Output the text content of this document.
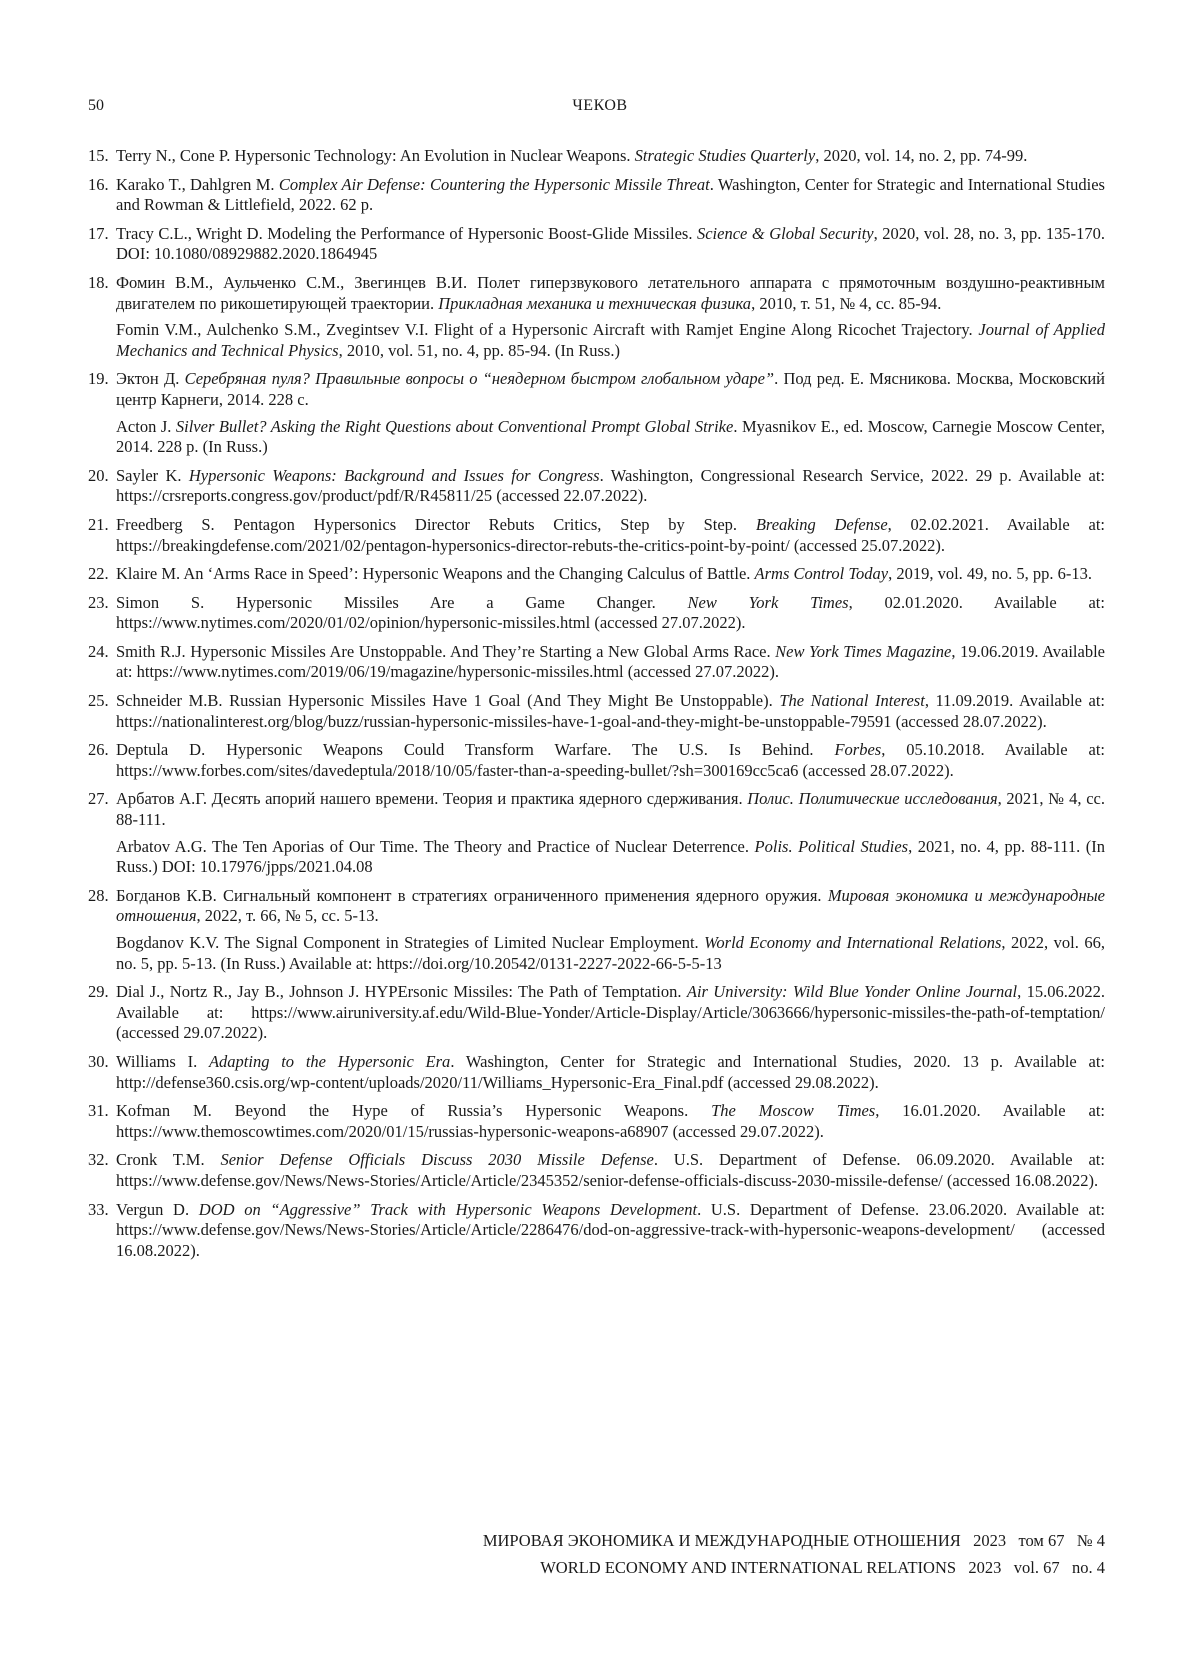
50	ЧЕКОВ
15. Terry N., Cone P. Hypersonic Technology: An Evolution in Nuclear Weapons. Strategic Studies Quarterly, 2020, vol. 14, no. 2, pp. 74-99.
16. Karako T., Dahlgren M. Complex Air Defense: Countering the Hypersonic Missile Threat. Washington, Center for Strategic and International Studies and Rowman & Littlefield, 2022. 62 p.
17. Tracy C.L., Wright D. Modeling the Performance of Hypersonic Boost-Glide Missiles. Science & Global Security, 2020, vol. 28, no. 3, pp. 135-170. DOI: 10.1080/08929882.2020.1864945
18. Фомин В.М., Аульченко С.М., Звегинцев В.И. Полет гиперзвукового летательного аппарата с прямоточным воздушно-реактивным двигателем по рикошетирующей траектории. Прикладная механика и техническая физика, 2010, т. 51, № 4, сс. 85-94.
Fomin V.M., Aulchenko S.M., Zvegintsev V.I. Flight of a Hypersonic Aircraft with Ramjet Engine Along Ricochet Trajectory. Journal of Applied Mechanics and Technical Physics, 2010, vol. 51, no. 4, pp. 85-94. (In Russ.)
19. Эктон Д. Серебряная пуля? Правильные вопросы о “неядерном быстром глобальном ударе”. Под ред. Е. Мясникова. Москва, Московский центр Карнеги, 2014. 228 с.
Acton J. Silver Bullet? Asking the Right Questions about Conventional Prompt Global Strike. Myasnikov E., ed. Moscow, Carnegie Moscow Center, 2014. 228 p. (In Russ.)
20. Sayler K. Hypersonic Weapons: Background and Issues for Congress. Washington, Congressional Research Service, 2022. 29 p. Available at: https://crsreports.congress.gov/product/pdf/R/R45811/25 (accessed 22.07.2022).
21. Freedberg S. Pentagon Hypersonics Director Rebuts Critics, Step by Step. Breaking Defense, 02.02.2021. Available at: https://breakingdefense.com/2021/02/pentagon-hypersonics-director-rebuts-the-critics-point-by-point/ (accessed 25.07.2022).
22. Klaire M. An ‘Arms Race in Speed’: Hypersonic Weapons and the Changing Calculus of Battle. Arms Control Today, 2019, vol. 49, no. 5, pp. 6-13.
23. Simon S. Hypersonic Missiles Are a Game Changer. New York Times, 02.01.2020. Available at: https://www.nytimes.com/2020/01/02/opinion/hypersonic-missiles.html (accessed 27.07.2022).
24. Smith R.J. Hypersonic Missiles Are Unstoppable. And They’re Starting a New Global Arms Race. New York Times Magazine, 19.06.2019. Available at: https://www.nytimes.com/2019/06/19/magazine/hypersonic-missiles.html (accessed 27.07.2022).
25. Schneider M.B. Russian Hypersonic Missiles Have 1 Goal (And They Might Be Unstoppable). The National Interest, 11.09.2019. Available at: https://nationalinterest.org/blog/buzz/russian-hypersonic-missiles-have-1-goal-and-they-might-be-unstoppable-79591 (accessed 28.07.2022).
26. Deptula D. Hypersonic Weapons Could Transform Warfare. The U.S. Is Behind. Forbes, 05.10.2018. Available at: https://www.forbes.com/sites/davedeptula/2018/10/05/faster-than-a-speeding-bullet/?sh=300169cc5ca6 (accessed 28.07.2022).
27. Арбатов А.Г. Десять апорий нашего времени. Теория и практика ядерного сдерживания. Полис. Политические исследования, 2021, № 4, сс. 88-111.
Arbatov A.G. The Ten Aporias of Our Time. The Theory and Practice of Nuclear Deterrence. Polis. Political Studies, 2021, no. 4, pp. 88-111. (In Russ.) DOI: 10.17976/jpps/2021.04.08
28. Богданов К.В. Сигнальный компонент в стратегиях ограниченного применения ядерного оружия. Мировая экономика и международные отношения, 2022, т. 66, № 5, сс. 5-13.
Bogdanov K.V. The Signal Component in Strategies of Limited Nuclear Employment. World Economy and International Relations, 2022, vol. 66, no. 5, pp. 5-13. (In Russ.) Available at: https://doi.org/10.20542/0131-2227-2022-66-5-5-13
29. Dial J., Nortz R., Jay B., Johnson J. HYPErsonic Missiles: The Path of Temptation. Air University: Wild Blue Yonder Online Journal, 15.06.2022. Available at: https://www.airuniversity.af.edu/Wild-Blue-Yonder/Article-Display/Article/3063666/hypersonic-missiles-the-path-of-temptation/ (accessed 29.07.2022).
30. Williams I. Adapting to the Hypersonic Era. Washington, Center for Strategic and International Studies, 2020. 13 p. Available at: http://defense360.csis.org/wp-content/uploads/2020/11/Williams_Hypersonic-Era_Final.pdf (accessed 29.08.2022).
31. Kofman M. Beyond the Hype of Russia’s Hypersonic Weapons. The Moscow Times, 16.01.2020. Available at: https://www.themoscowtimes.com/2020/01/15/russias-hypersonic-weapons-a68907 (accessed 29.07.2022).
32. Cronk T.M. Senior Defense Officials Discuss 2030 Missile Defense. U.S. Department of Defense. 06.09.2020. Available at: https://www.defense.gov/News/News-Stories/Article/Article/2345352/senior-defense-officials-discuss-2030-missile-defense/ (accessed 16.08.2022).
33. Vergun D. DOD on “Aggressive” Track with Hypersonic Weapons Development. U.S. Department of Defense. 23.06.2020. Available at: https://www.defense.gov/News/News-Stories/Article/Article/2286476/dod-on-aggressive-track-with-hypersonic-weapons-development/ (accessed 16.08.2022).
МИРОВАЯ ЭКОНОМИКА И МЕЖДУНАРОДНЫЕ ОТНОШЕНИЯ   2023   том 67   № 4
WORLD ECONOMY AND INTERNATIONAL RELATIONS   2023   vol. 67   no. 4
